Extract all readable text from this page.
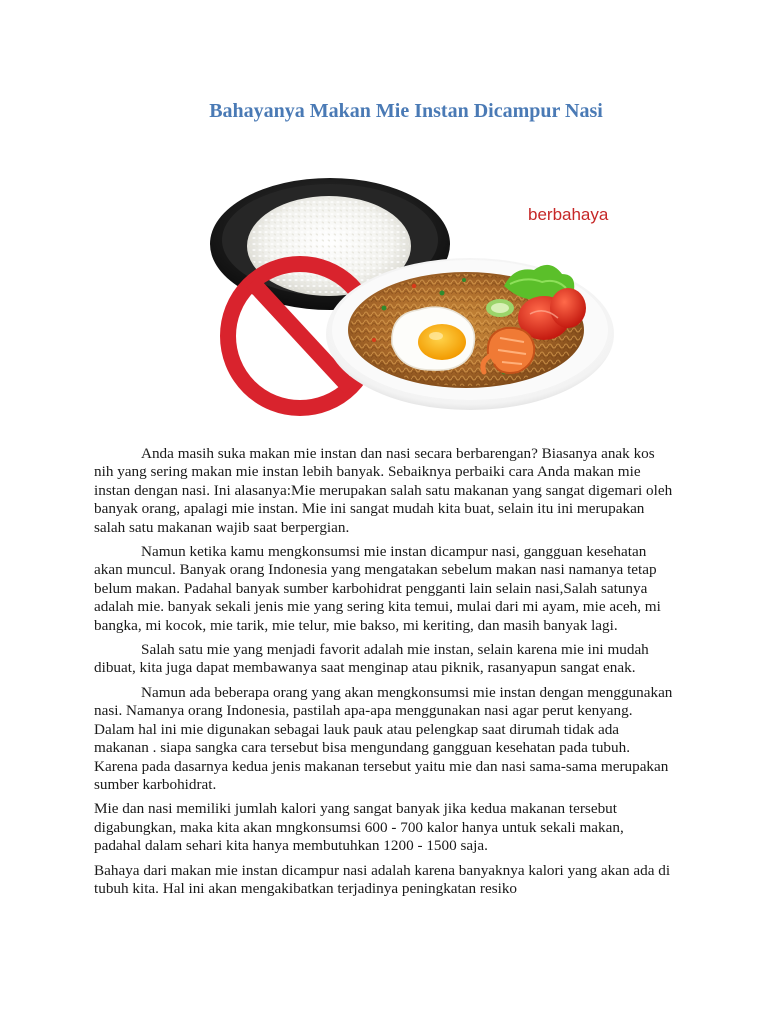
Bahayanya Makan Mie Instan Dicampur Nasi
berbahaya

Anda masih suka makan mie instan dan nasi secara berbarengan? Biasanya anak kos nih yang sering makan mie instan lebih banyak. Sebaiknya perbaiki cara Anda makan mie instan dengan nasi. Ini alasanya:Mie merupakan salah satu makanan yang sangat digemari oleh banyak orang, apalagi mie instan. Mie ini sangat mudah kita buat, selain itu ini merupakan salah satu makanan wajib saat berpergian.

Namun ketika kamu mengkonsumsi mie instan dicampur nasi, gangguan kesehatan akan muncul. Banyak orang Indonesia yang mengatakan sebelum makan nasi namanya tetap belum makan. Padahal banyak sumber karbohidrat pengganti lain selain nasi,Salah satunya adalah mie. banyak sekali jenis mie yang sering kita temui, mulai dari mi ayam, mie aceh, mi bangka, mi kocok, mie tarik, mie telur, mie bakso, mi keriting, dan masih banyak lagi.

Salah satu mie yang menjadi favorit adalah mie instan, selain karena mie ini mudah dibuat, kita juga dapat membawanya saat menginap atau piknik, rasanyapun sangat enak.

Namun ada beberapa orang yang akan mengkonsumsi mie instan dengan menggunakan nasi. Namanya orang Indonesia, pastilah apa-apa menggunakan nasi agar perut kenyang. Dalam hal ini mie digunakan sebagai lauk pauk atau pelengkap saat dirumah tidak ada makanan . siapa sangka cara tersebut bisa mengundang gangguan kesehatan pada tubuh. Karena pada dasarnya kedua jenis makanan tersebut yaitu mie dan nasi sama-sama merupakan sumber karbohidrat.

Mie dan nasi memiliki jumlah kalori yang sangat banyak jika kedua makanan tersebut digabungkan, maka kita akan mngkonsumsi 600 - 700 kalor hanya untuk sekali makan, padahal dalam sehari kita hanya membutuhkan 1200 - 1500 saja.

Bahaya dari makan mie instan dicampur nasi adalah karena banyaknya kalori yang akan ada di tubuh kita. Hal ini akan mengakibatkan terjadinya peningkatan resiko
